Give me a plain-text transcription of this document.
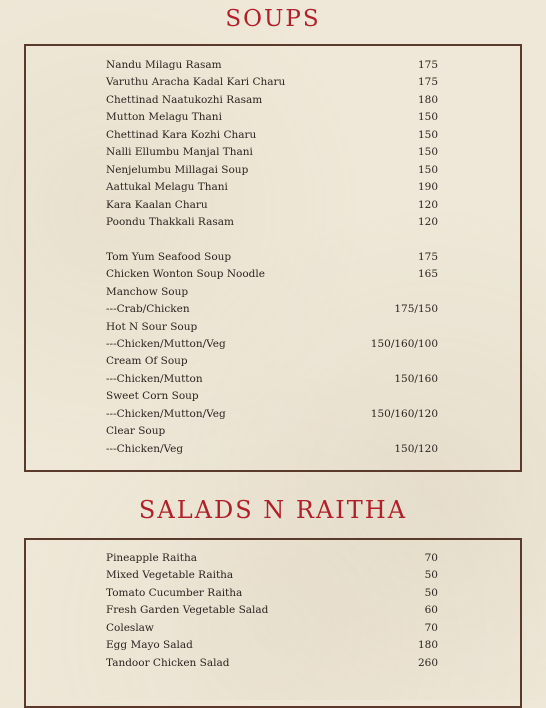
SOUPS
Nandu Milagu Rasam	175
Varuthu Aracha Kadal Kari Charu	175
Chettinad Naatukozhi Rasam	180
Mutton Melagu Thani	150
Chettinad Kara Kozhi Charu	150
Nalli Ellumbu Manjal Thani	150
Nenjelumbu Millagai Soup	150
Aattukal Melagu Thani	190
Kara Kaalan Charu	120
Poondu Thakkali Rasam	120
Tom Yum Seafood Soup	175
Chicken Wonton Soup Noodle	165
Manchow Soup
---Crab/Chicken	175/150
Hot N Sour Soup
---Chicken/Mutton/Veg	150/160/100
Cream Of Soup
---Chicken/Mutton	150/160
Sweet Corn Soup
---Chicken/Mutton/Veg	150/160/120
Clear Soup
---Chicken/Veg	150/120
SALADS N RAITHA
Pineapple Raitha	70
Mixed Vegetable Raitha	50
Tomato Cucumber Raitha	50
Fresh Garden Vegetable Salad	60
Coleslaw	70
Egg Mayo Salad	180
Tandoor Chicken Salad	260
